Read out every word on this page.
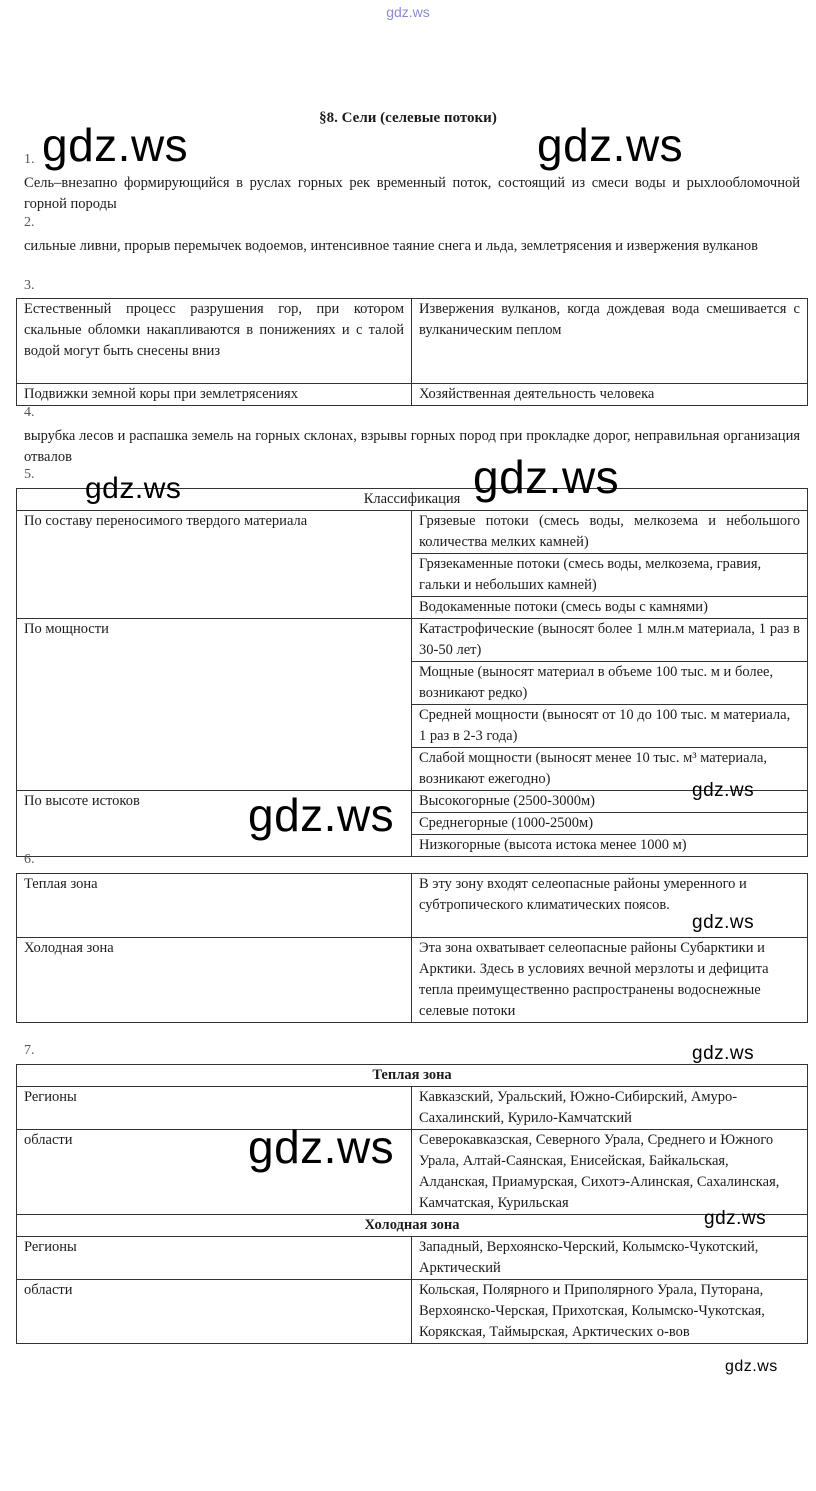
gdz.ws
§8. Сели (селевые потоки)
1.
Сель–внезапно формирующийся в руслах горных рек временный поток, состоящий из смеси воды и рыхлообломочной горной породы
2.
сильные ливни, прорыв перемычек водоемов, интенсивное таяние снега и льда, землетрясения и извержения вулканов
3.
Естественный процесс разрушения гор, при котором скальные обломки накапливаются в понижениях и с талой водой могут быть снесены вниз	Извержения вулканов, когда дождевая вода смешивается с вулканическим пеплом
Подвижки земной коры при землетрясениях	Хозяйственная деятельность человека
4.
вырубка лесов и распашка земель на горных склонах, взрывы горных пород при прокладке дорог, неправильная организация отвалов
5.
Классификация	
По составу переносимого твердого материала	Грязевые потоки (смесь воды, мелкозема и небольшого количества мелких камней)
	Грязекаменные потоки (смесь воды, мелкозема, гравия, гальки и небольших камней)
	Водокаменные потоки (смесь воды с камнями)
По мощности	Катастрофические (выносят более 1 млн.м материала, 1 раз в 30-50 лет)
	Мощные (выносят материал в объеме 100 тыс. м и более, возникают редко)
	Средней мощности (выносят от 10 до 100 тыс. м материала, 1 раз в 2-3 года)
	Слабой мощности (выносят менее 10 тыс. м³ материала, возникают ежегодно)
По высоте истоков	Высокогорные (2500-3000м)
	Среднегорные (1000-2500м)
	Низкогорные (высота истока менее 1000 м)
6.
Теплая зона	В эту зону входят селеопасные районы умеренного и субтропического климатических поясов.
Холодная зона	Эта зона охватывает селеопасные районы Субарктики и Арктики. Здесь в условиях вечной мерзлоты и дефицита тепла преимущественно распространены водоснежные селевые потоки
7.
Теплая зона	
Регионы	Кавказский, Уральский, Южно-Сибирский, Амуро-Сахалинский, Курило-Камчатский
области	Северокавказская, Северного Урала, Среднего и Южного Урала, Алтай-Саянская, Енисейская, Байкальская, Алданская, Приамурская, Сихотэ-Алинская, Сахалинская, Камчатская, Курильская
Холодная зона	
Регионы	Западный, Верхоянско-Черский, Колымско-Чукотский, Арктический
области	Кольская, Полярного и Приполярного Урала, Путорана, Верхоянско-Черская, Прихотская, Колымско-Чукотская, Корякская, Таймырская, Арктических о-вов
gdz.ws	gdz.ws
gdz.ws
gdz.ws
gdz.ws	gdz.ws
gdz.ws
gdz.ws
gdz.ws
gdz.ws
gdz.ws
